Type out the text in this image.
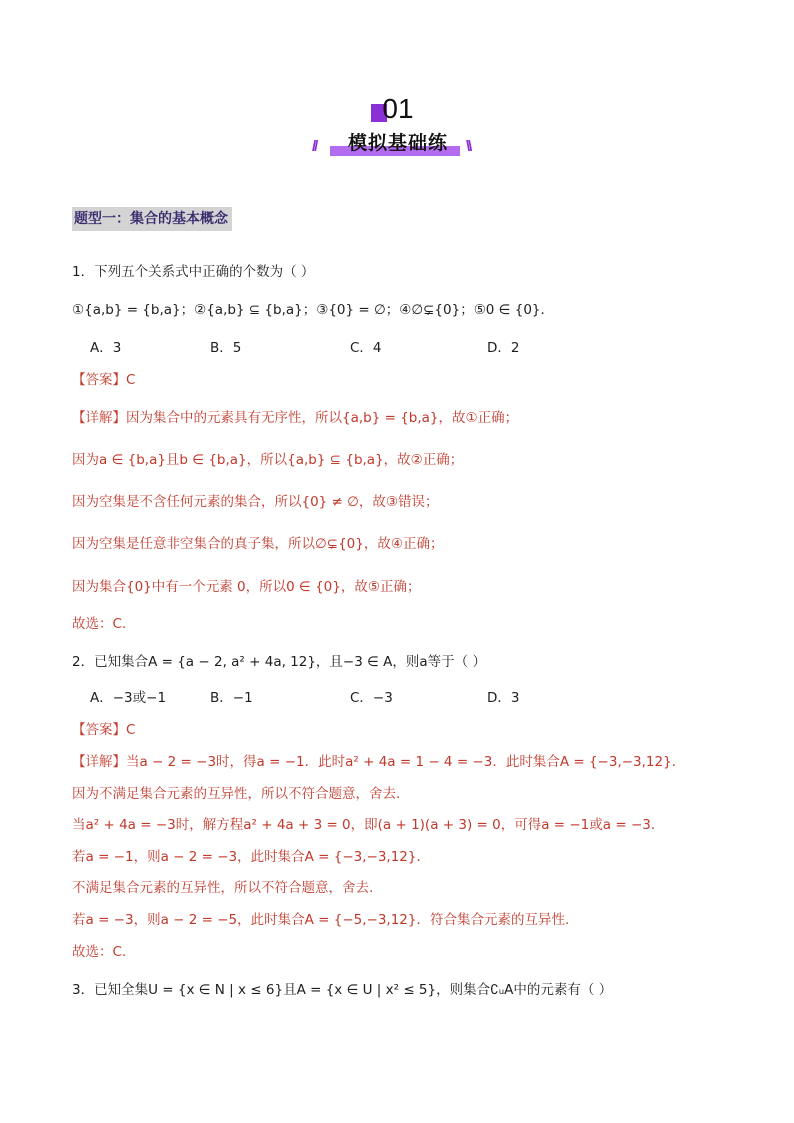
01
模拟基础练
//	\\
题型一：集合的基本概念
1．下列五个关系式中正确的个数为（ ）
①{a,b} = {b,a}；②{a,b} ⊆ {b,a}；③{0} = ∅；④∅⊊{0}；⑤0 ∈ {0}．
A．3	B．5	C．4	D．2
【答案】C
【详解】因为集合中的元素具有无序性，所以{a,b} = {b,a}，故①正确；
因为a ∈ {b,a}且b ∈ {b,a}，所以{a,b} ⊆ {b,a}，故②正确；
因为空集是不含任何元素的集合，所以{0} ≠ ∅，故③错误；
因为空集是任意非空集合的真子集，所以∅⊊{0}，故④正确；
因为集合{0}中有一个元素 0，所以0 ∈ {0}，故⑤正确；
故选：C.
2．已知集合A = {a − 2, a² + 4a, 12}，且−3 ∈ A，则a等于（ ）
A．−3或−1	B．−1	C．−3	D．3
【答案】C
【详解】当a − 2 = −3时，得a = −1．此时a² + 4a = 1 − 4 = −3．此时集合A = {−3,−3,12}．
因为不满足集合元素的互异性，所以不符合题意，舍去.
当a² + 4a = −3时，解方程a² + 4a + 3 = 0，即(a + 1)(a + 3) = 0，可得a = −1或a = −3．
若a = −1，则a − 2 = −3，此时集合A = {−3,−3,12}．
不满足集合元素的互异性，所以不符合题意，舍去.
若a = −3，则a − 2 = −5，此时集合A = {−5,−3,12}．符合集合元素的互异性.
故选：C.
3．已知全集U = {x ∈ N | x ≤ 6}且A = {x ∈ U | x² ≤ 5}，则集合∁ᵤA中的元素有（ ）
